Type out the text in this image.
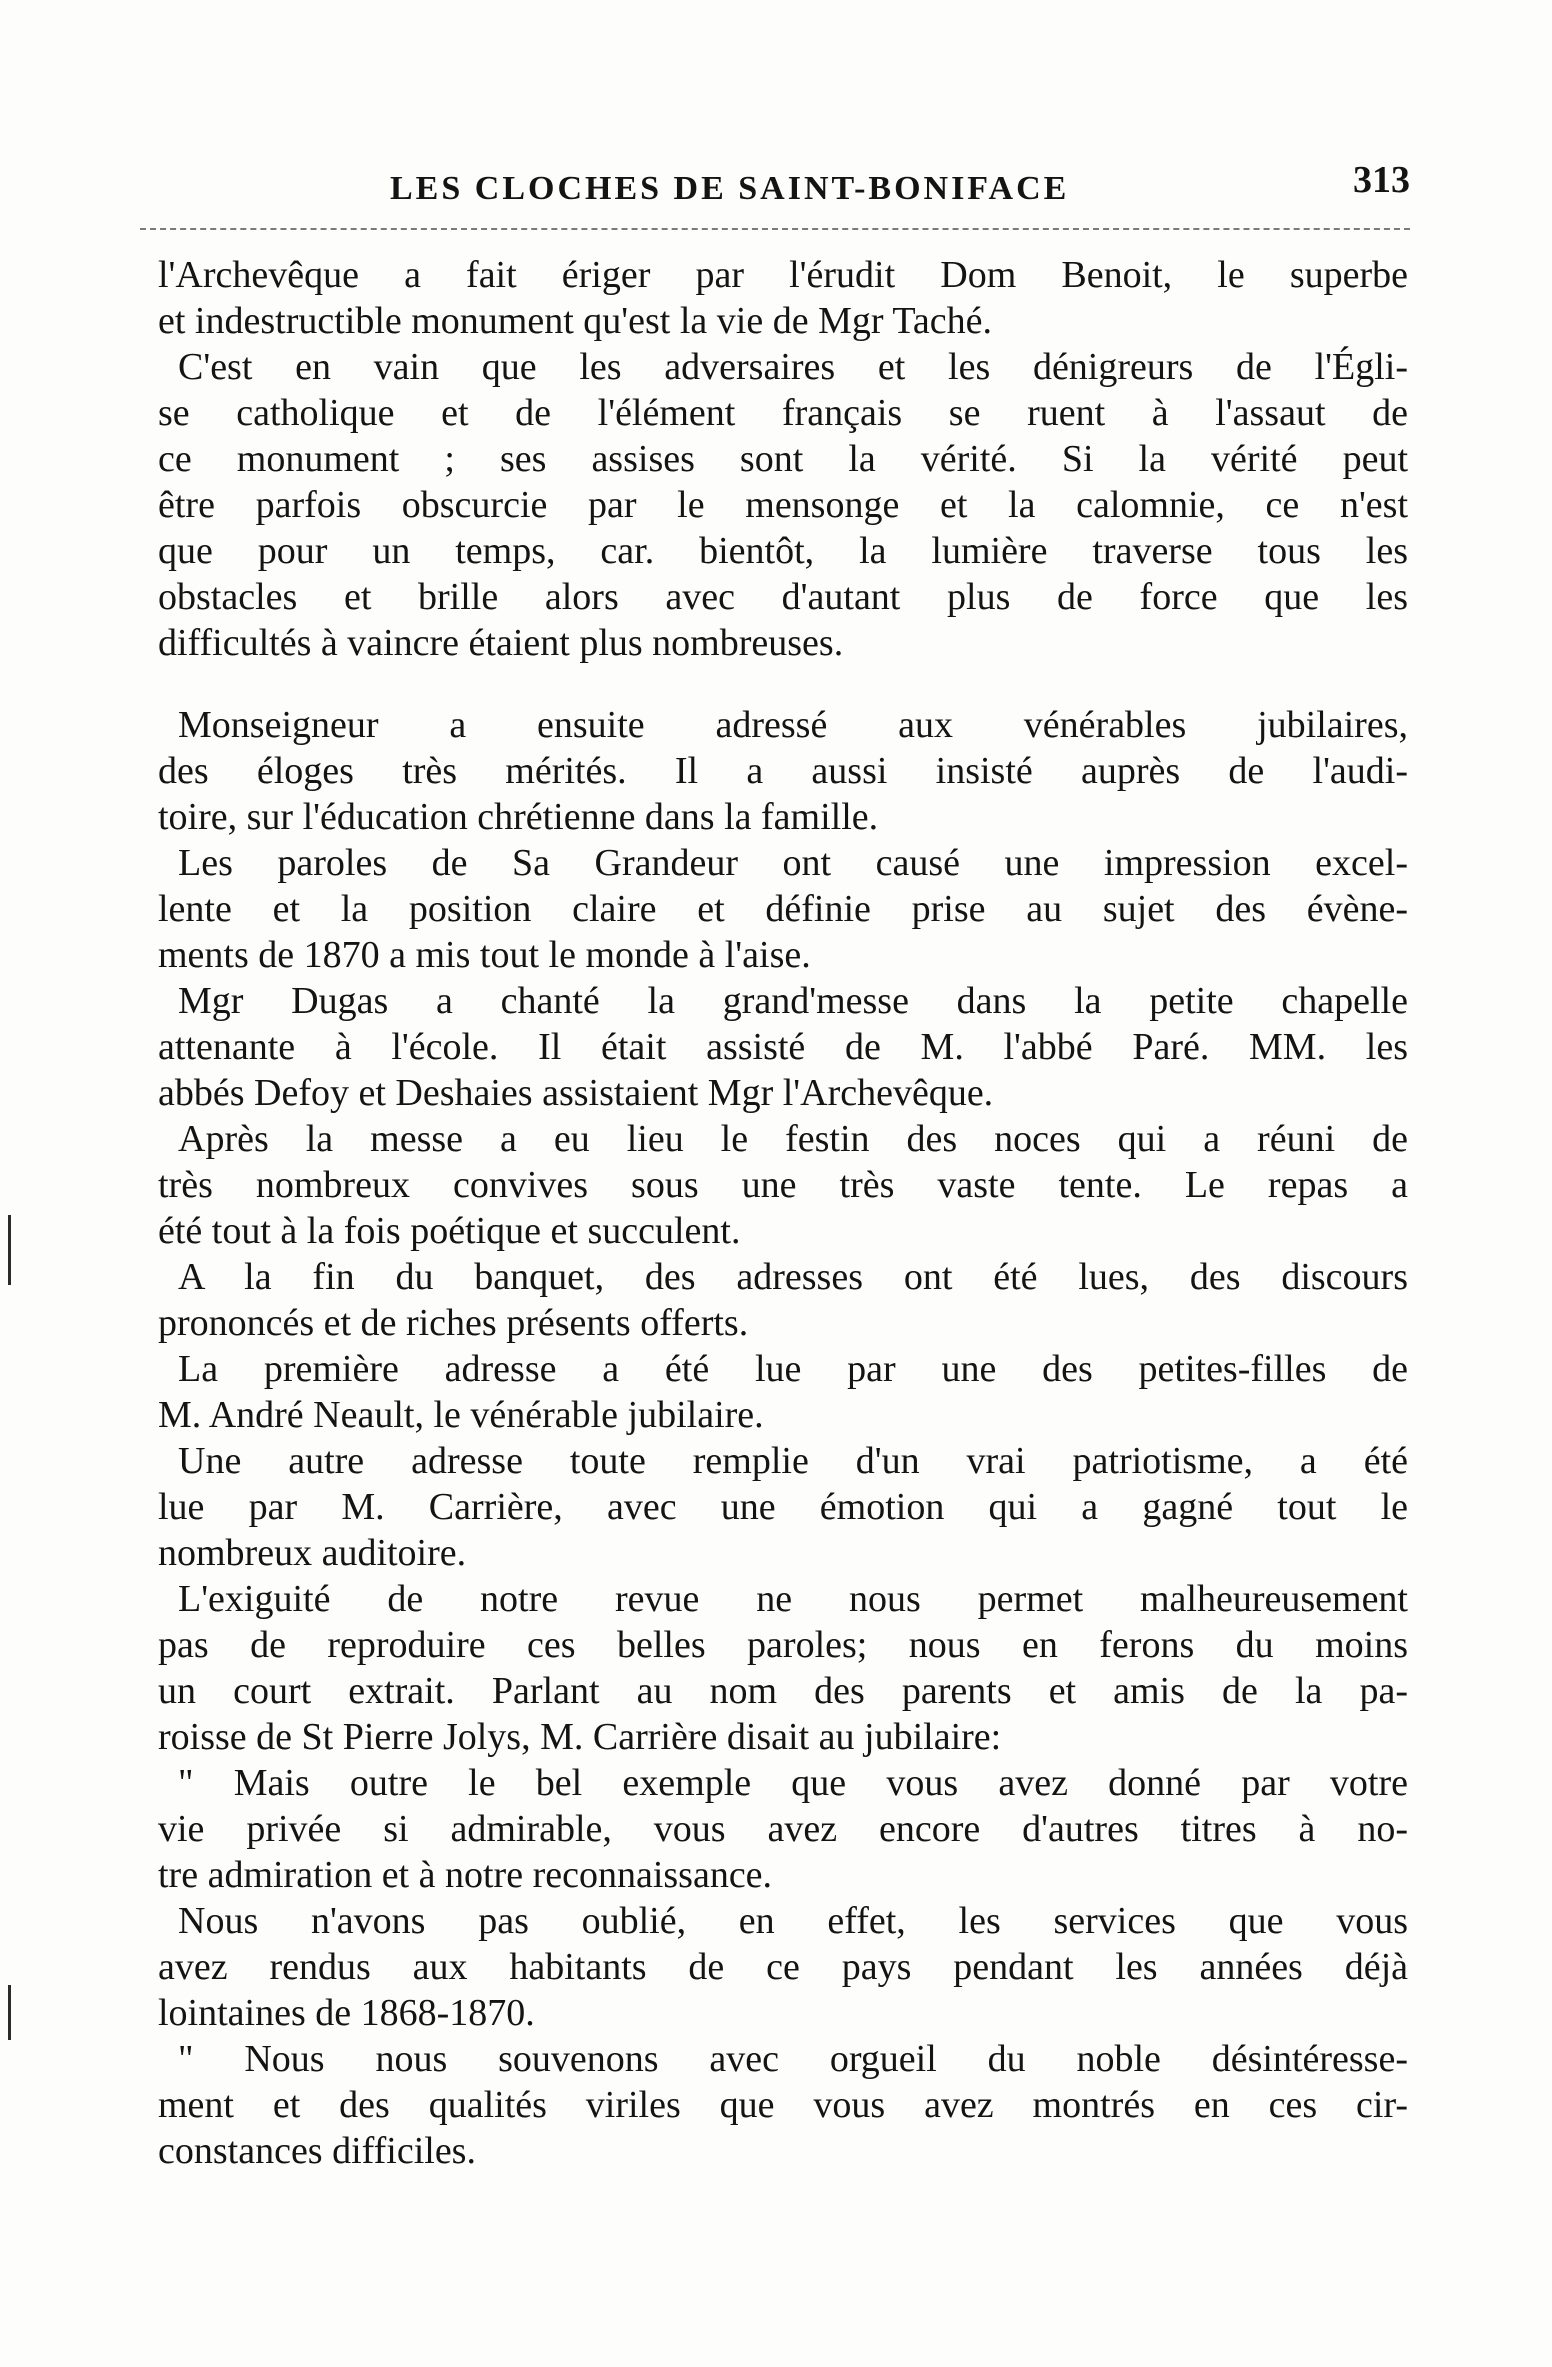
LES CLOCHES DE SAINT-BONIFACE	313
l'Archevêque a fait ériger par l'érudit Dom Benoit, le superbe
et indestructible monument qu'est la vie de Mgr Taché.
C'est en vain que les adversaires et les dénigreurs de l'Égli-
se catholique et de l'élément français se ruent à l'assaut de
ce monument ; ses assises sont la vérité. Si la vérité peut
être parfois obscurcie par le mensonge et la calomnie, ce n'est
que pour un temps, car. bientôt, la lumière traverse tous les
obstacles et brille alors avec d'autant plus de force que les
difficultés à vaincre étaient plus nombreuses.
Monseigneur a ensuite adressé aux vénérables jubilaires,
des éloges très mérités. Il a aussi insisté auprès de l'audi-
toire, sur l'éducation chrétienne dans la famille.
Les paroles de Sa Grandeur ont causé une impression excel-
lente et la position claire et définie prise au sujet des évène-
ments de 1870 a mis tout le monde à l'aise.
Mgr Dugas a chanté la grand'messe dans la petite chapelle
attenante à l'école. Il était assisté de M. l'abbé Paré. MM. les
abbés Defoy et Deshaies assistaient Mgr l'Archevêque.
Après la messe a eu lieu le festin des noces qui a réuni de
très nombreux convives sous une très vaste tente. Le repas a
été tout à la fois poétique et succulent.
A la fin du banquet, des adresses ont été lues, des discours
prononcés et de riches présents offerts.
La première adresse a été lue par une des petites-filles de
M. André Neault, le vénérable jubilaire.
Une autre adresse toute remplie d'un vrai patriotisme, a été
lue par M. Carrière, avec une émotion qui a gagné tout le
nombreux auditoire.
L'exiguité de notre revue ne nous permet malheureusement
pas de reproduire ces belles paroles; nous en ferons du moins
un court extrait. Parlant au nom des parents et amis de la pa-
roisse de St Pierre Jolys, M. Carrière disait au jubilaire:
" Mais outre le bel exemple que vous avez donné par votre
vie privée si admirable, vous avez encore d'autres titres à no-
tre admiration et à notre reconnaissance.
Nous n'avons pas oublié, en effet, les services que vous
avez rendus aux habitants de ce pays pendant les années déjà
lointaines de 1868-1870.
" Nous nous souvenons avec orgueil du noble désintéresse-
ment et des qualités viriles que vous avez montrés en ces cir-
constances difficiles.
